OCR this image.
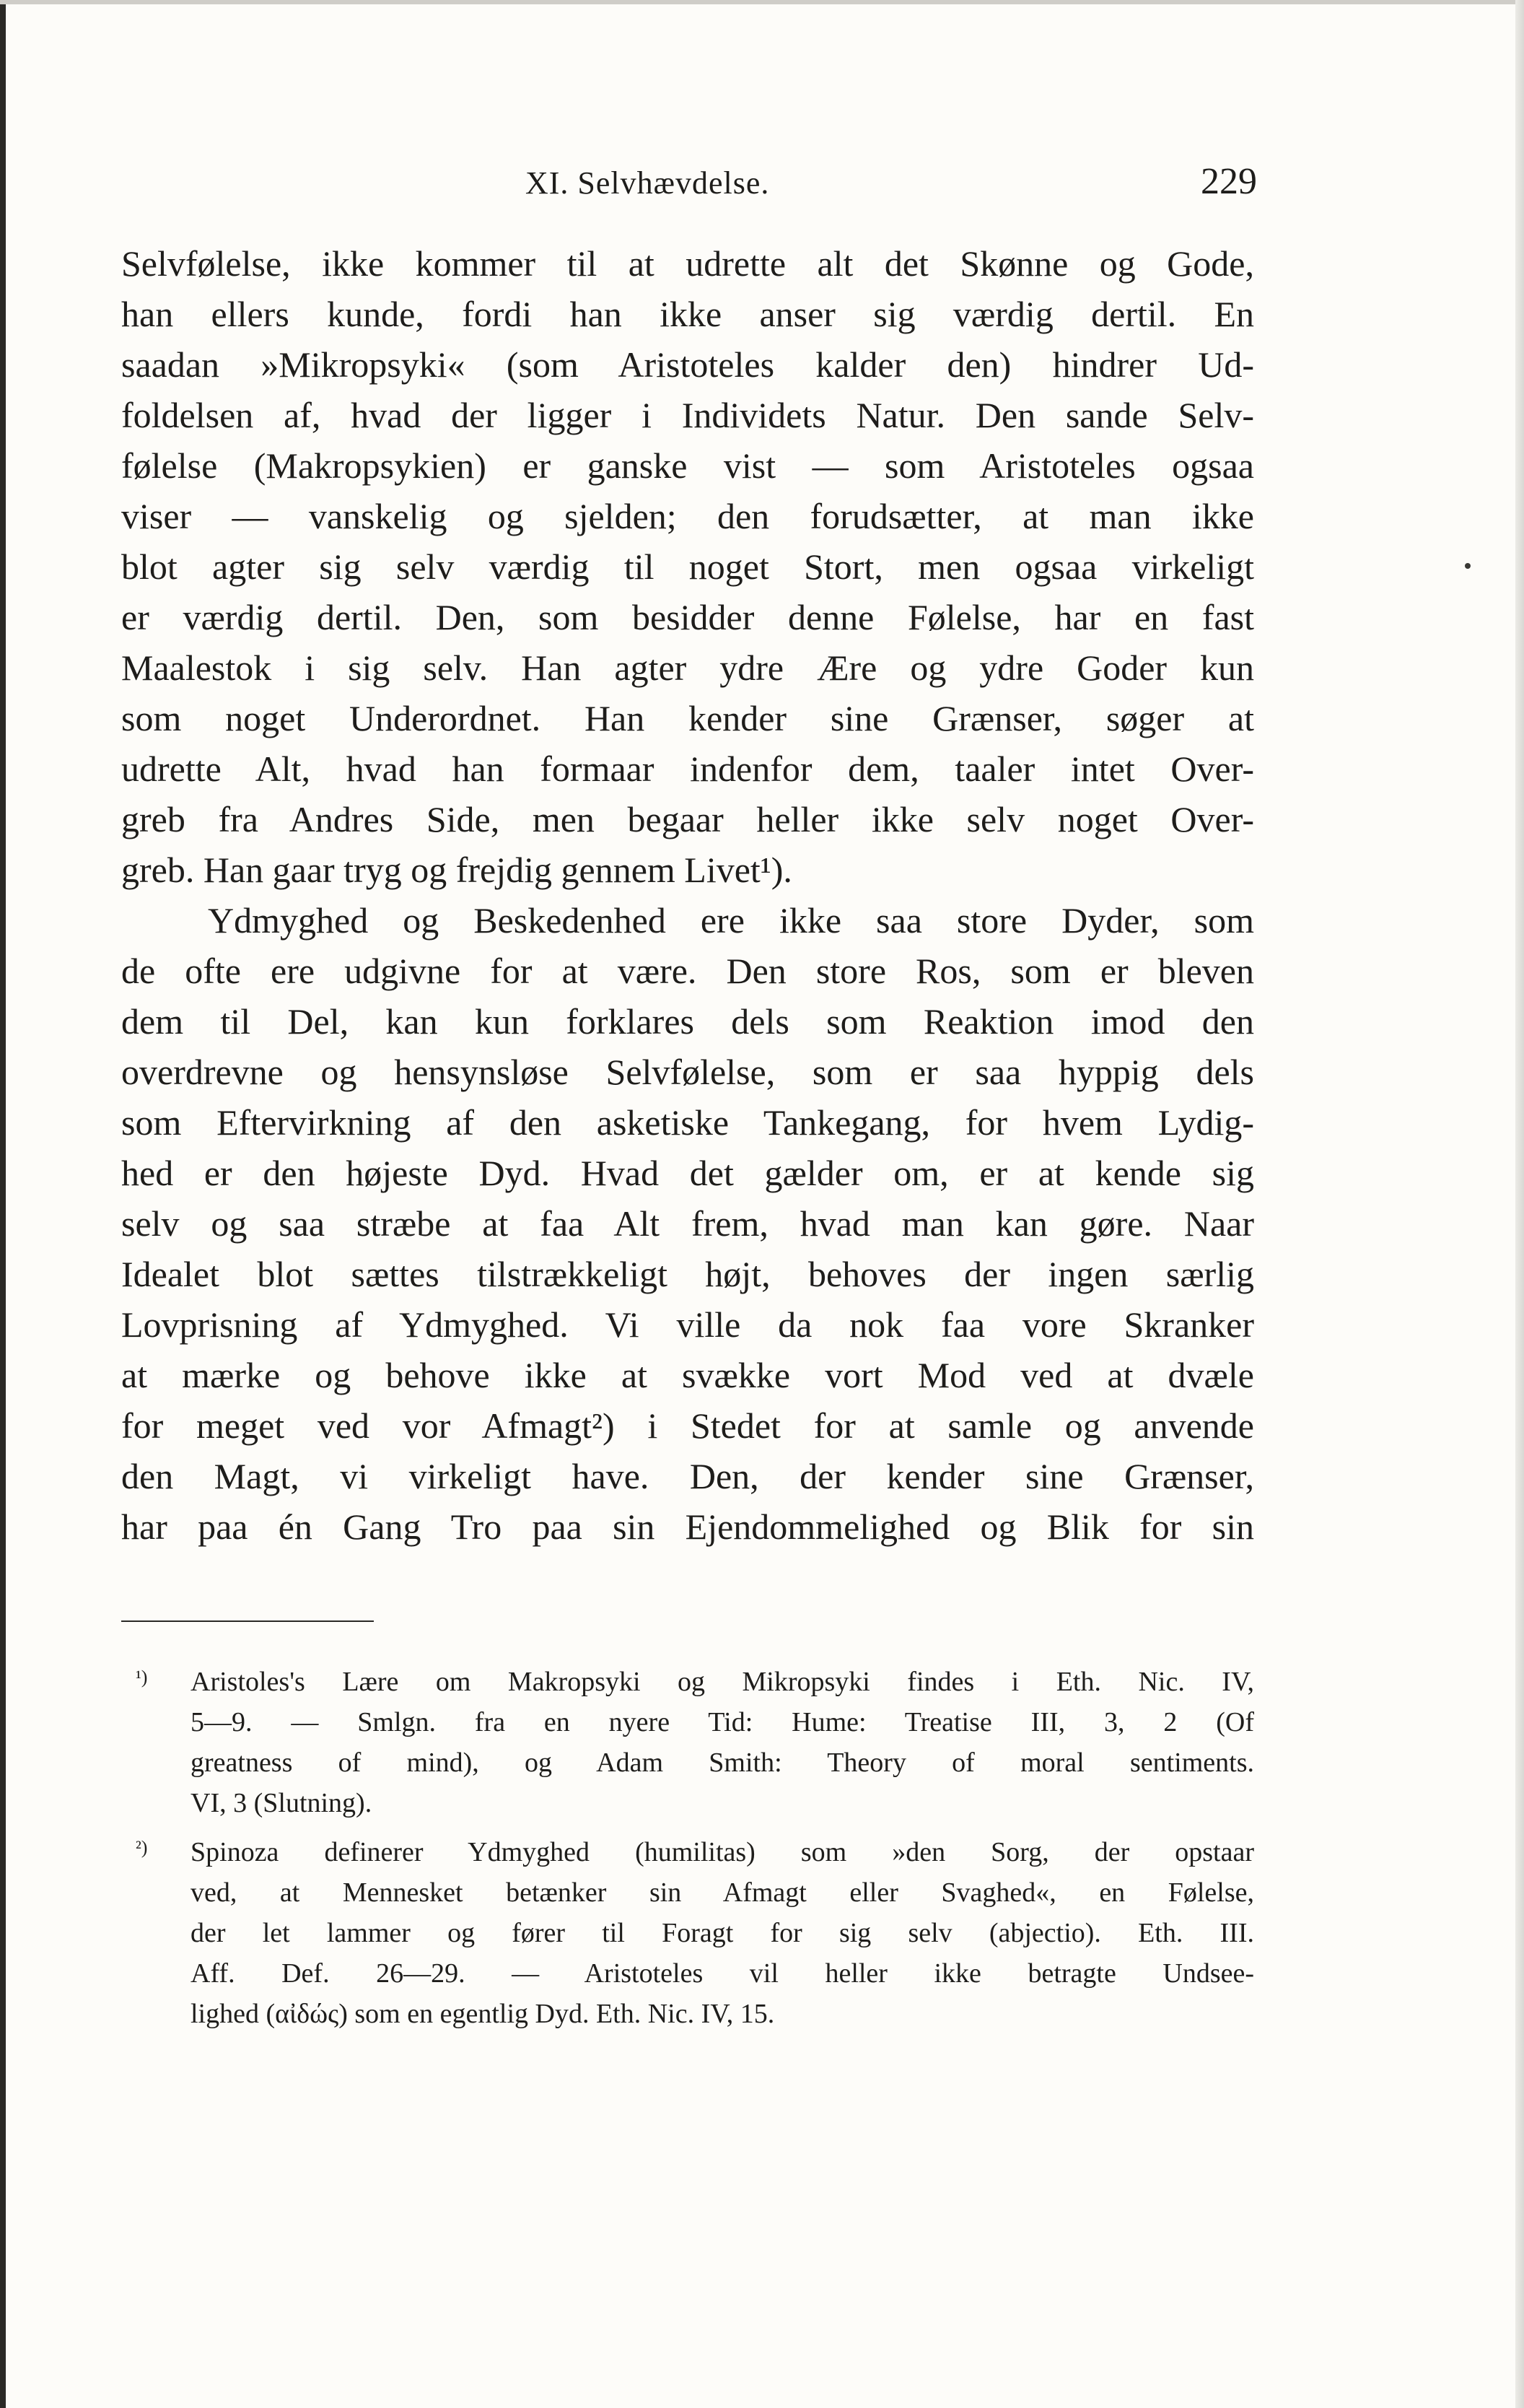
XI. Selvhævdelse.	229
Selvfølelse, ikke kommer til at udrette alt det Skønne og Gode,
han ellers kunde, fordi han ikke anser sig værdig dertil. En
saadan »Mikropsyki« (som Aristoteles kalder den) hindrer Ud-
foldelsen af, hvad der ligger i Individets Natur. Den sande Selv-
følelse (Makropsykien) er ganske vist — som Aristoteles ogsaa
viser — vanskelig og sjelden; den forudsætter, at man ikke
blot agter sig selv værdig til noget Stort, men ogsaa virkeligt
er værdig dertil. Den, som besidder denne Følelse, har en fast
Maalestok i sig selv. Han agter ydre Ære og ydre Goder kun
som noget Underordnet. Han kender sine Grænser, søger at
udrette Alt, hvad han formaar indenfor dem, taaler intet Over-
greb fra Andres Side, men begaar heller ikke selv noget Over-
greb. Han gaar tryg og frejdig gennem Livet¹).
Ydmyghed og Beskedenhed ere ikke saa store Dyder, som
de ofte ere udgivne for at være. Den store Ros, som er bleven
dem til Del, kan kun forklares dels som Reaktion imod den
overdrevne og hensynsløse Selvfølelse, som er saa hyppig dels
som Eftervirkning af den asketiske Tankegang, for hvem Lydig-
hed er den højeste Dyd. Hvad det gælder om, er at kende sig
selv og saa stræbe at faa Alt frem, hvad man kan gøre. Naar
Idealet blot sættes tilstrækkeligt højt, behoves der ingen særlig
Lovprisning af Ydmyghed. Vi ville da nok faa vore Skranker
at mærke og behove ikke at svække vort Mod ved at dvæle
for meget ved vor Afmagt²) i Stedet for at samle og anvende
den Magt, vi virkeligt have. Den, der kender sine Grænser,
har paa én Gang Tro paa sin Ejendommelighed og Blik for sin
¹) Aristoles's Lære om Makropsyki og Mikropsyki findes i Eth. Nic. IV,
5—9. — Smlgn. fra en nyere Tid: Hume: Treatise III, 3, 2 (Of
greatness of mind), og Adam Smith: Theory of moral sentiments.
VI, 3 (Slutning).
²) Spinoza definerer Ydmyghed (humilitas) som »den Sorg, der opstaar
ved, at Mennesket betænker sin Afmagt eller Svaghed«, en Følelse,
der let lammer og fører til Foragt for sig selv (abjectio). Eth. III.
Aff. Def. 26—29. — Aristoteles vil heller ikke betragte Undsee-
lighed (αἰδώς) som en egentlig Dyd. Eth. Nic. IV, 15.
